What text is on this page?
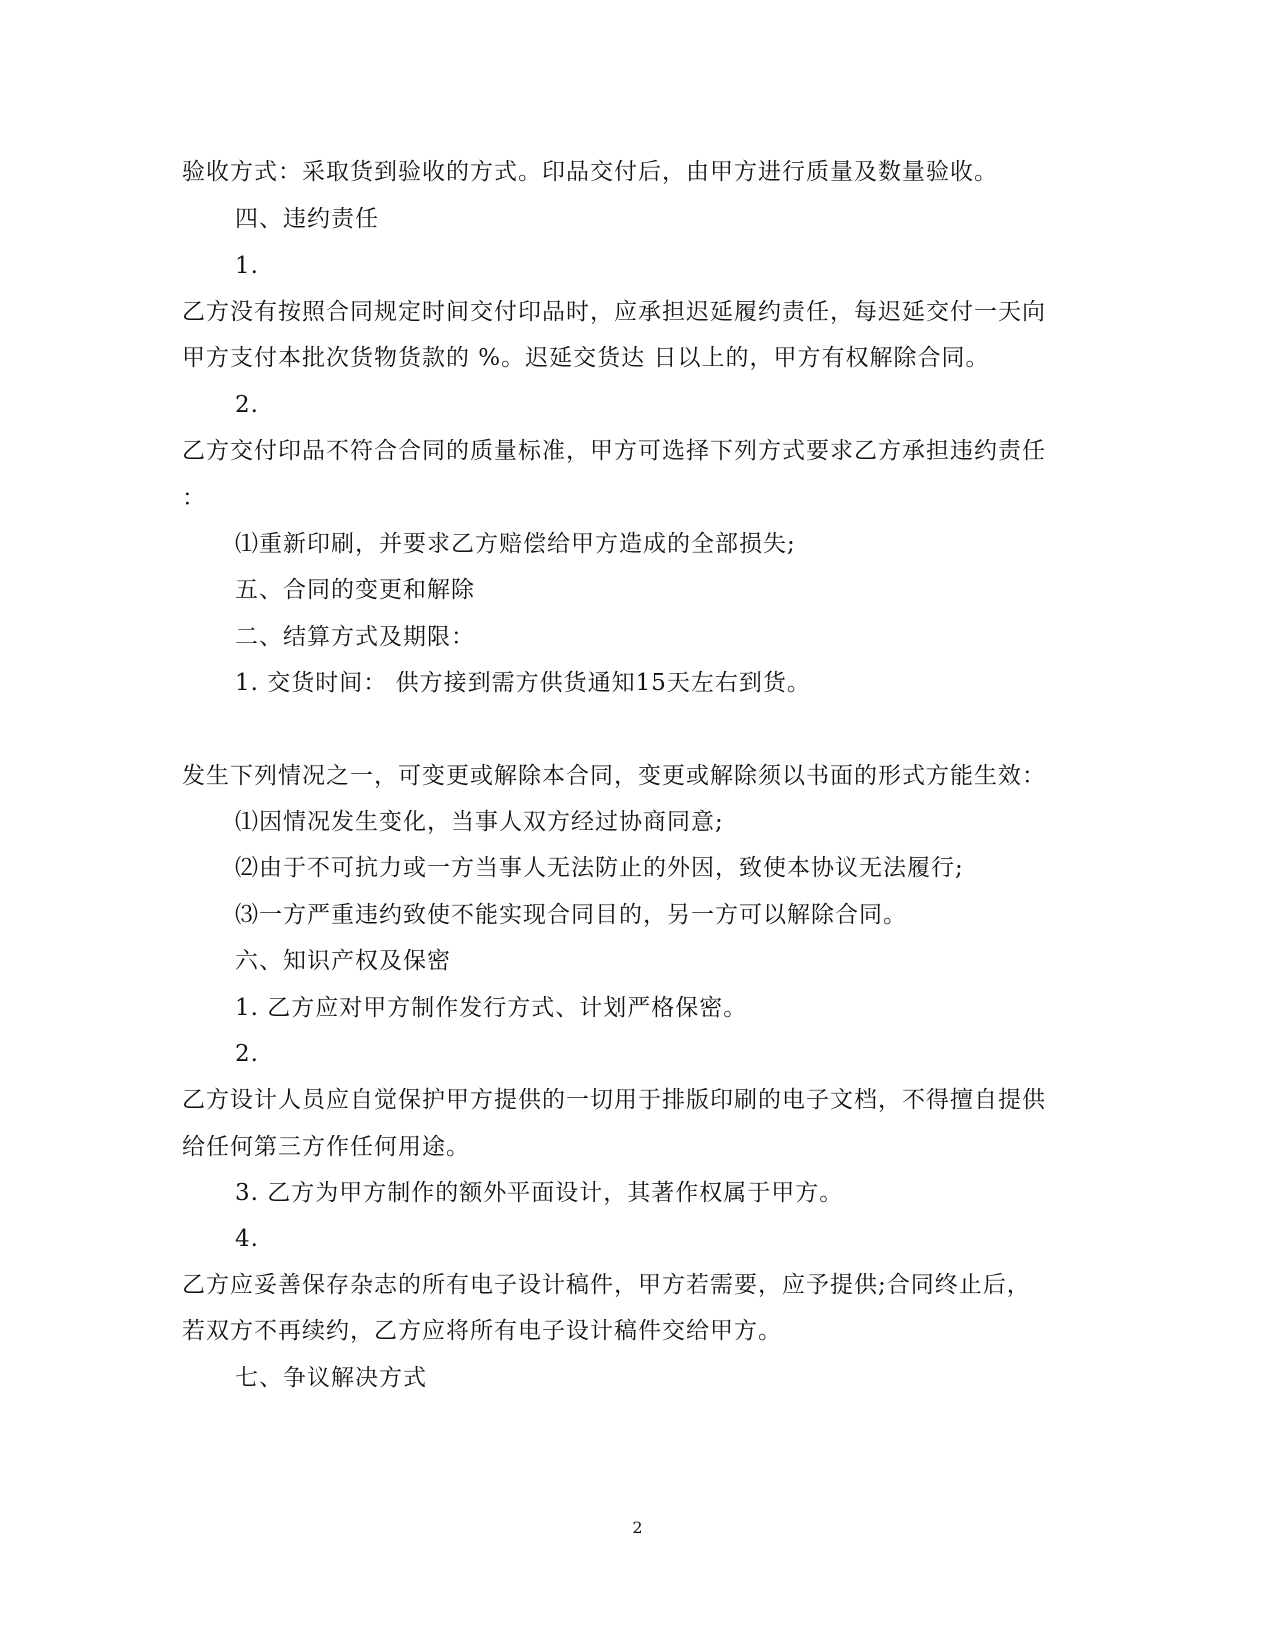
验收方式：采取货到验收的方式。印品交付后，由甲方进行质量及数量验收。
四、违约责任
1.
乙方没有按照合同规定时间交付印品时，应承担迟延履约责任，每迟延交付一天向
甲方支付本批次货物货款的 %。迟延交货达 日以上的，甲方有权解除合同。
2.
乙方交付印品不符合合同的质量标准，甲方可选择下列方式要求乙方承担违约责任
：
⑴重新印刷，并要求乙方赔偿给甲方造成的全部损失;
五、合同的变更和解除
二、结算方式及期限：
1. 交货时间： 供方接到需方供货通知15天左右到货。
发生下列情况之一，可变更或解除本合同，变更或解除须以书面的形式方能生效：
⑴因情况发生变化，当事人双方经过协商同意;
⑵由于不可抗力或一方当事人无法防止的外因，致使本协议无法履行;
⑶一方严重违约致使不能实现合同目的，另一方可以解除合同。
六、知识产权及保密
1. 乙方应对甲方制作发行方式、计划严格保密。
2.
乙方设计人员应自觉保护甲方提供的一切用于排版印刷的电子文档，不得擅自提供
给任何第三方作任何用途。
3. 乙方为甲方制作的额外平面设计，其著作权属于甲方。
4.
乙方应妥善保存杂志的所有电子设计稿件，甲方若需要，应予提供;合同终止后，
若双方不再续约，乙方应将所有电子设计稿件交给甲方。
七、争议解决方式
2
